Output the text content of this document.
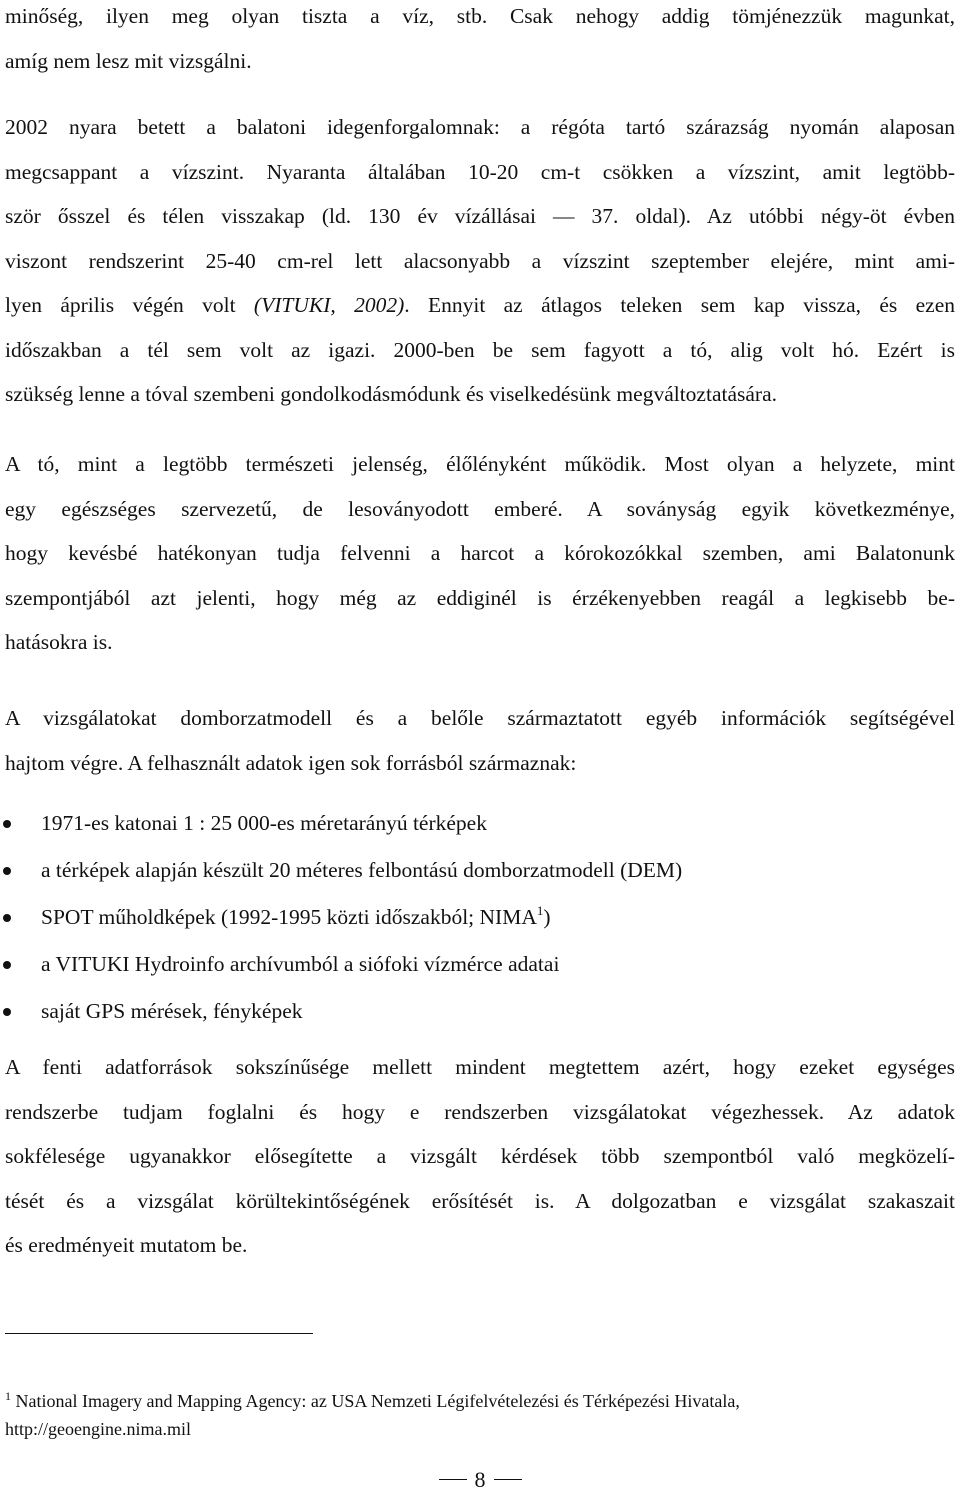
minőség, ilyen meg olyan tiszta a víz, stb. Csak nehogy addig tömjénezzük magunkat,
amíg nem lesz mit vizsgálni.
2002 nyara betett a balatoni idegenforgalomnak: a régóta tartó szárazság nyomán alaposan
megcsappant a vízszint. Nyaranta általában 10-20 cm-t csökken a vízszint, amit legtöbb-
ször ősszel és télen visszakap (ld. 130 év vízállásai — 37. oldal). Az utóbbi négy-öt évben
viszont rendszerint 25-40 cm-rel lett alacsonyabb a vízszint szeptember elejére, mint ami-
lyen április végén volt (VITUKI, 2002). Ennyit az átlagos teleken sem kap vissza, és ezen
időszakban a tél sem volt az igazi. 2000-ben be sem fagyott a tó, alig volt hó. Ezért is
szükség lenne a tóval szembeni gondolkodásmódunk és viselkedésünk megváltoztatására.
A tó, mint a legtöbb természeti jelenség, élőlényként működik. Most olyan a helyzete, mint
egy egészséges szervezetű, de lesoványodott emberé. A soványság egyik következménye,
hogy kevésbé hatékonyan tudja felvenni a harcot a kórokozókkal szemben, ami Balatonunk
szempontjából azt jelenti, hogy még az eddiginél is érzékenyebben reagál a legkisebb be-
hatásokra is.
A vizsgálatokat domborzatmodell és a belőle származtatott egyéb információk segítségével
hajtom végre. A felhasznált adatok igen sok forrásból származnak:
1971-es katonai 1 : 25 000-es méretarányú térképek
a térképek alapján készült 20 méteres felbontású domborzatmodell (DEM)
SPOT műholdképek (1992-1995 közti időszakból; NIMA$^1$)
a VITUKI Hydroinfo archívumból a siófoki vízmérce adatai
saját GPS mérések, fényképek
A fenti adatforrások sokszínűsége mellett mindent megtettem azért, hogy ezeket egységes
rendszerbe tudjam foglalni és hogy e rendszerben vizsgálatokat végezhessek. Az adatok
sokfélesége ugyanakkor elősegítette a vizsgált kérdések több szempontból való megközelí-
tését és a vizsgálat körültekintőségének erősítését is. A dolgozatban e vizsgálat szakaszait
és eredményeit mutatom be.
$^1$ National Imagery and Mapping Agency: az USA Nemzeti Légifelvételezési és Térképezési Hivatala,
http://geoengine.nima.mil
8
